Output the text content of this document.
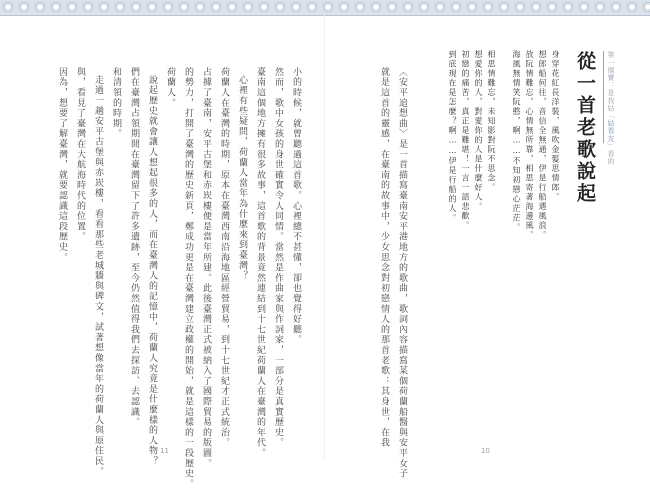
第一個寶：是我姑「姑看友」看的
從一首老歌說起
身穿花紅長洋裝，風吹金髮思情郎。
想郎船何往，音信全無通，伊是行船遇風浪。
放阮情難忘，心情無所靠，相思寄著海邊風。
海風無情笑阮憨，啊……不知初戀心茫茫。
相思情難忘，未知影對阮不思念。
想愛你的人，對愛你的人是什麼好人。
初戀的痛苦，真正是難堪！一言一語悲歡。
到底現在是怎麼？啊……伊是行船的人。
〈安平追想曲〉是一首描寫臺南安平港地方的歌曲，歌詞內容描寫某個荷蘭船醫與安平女子
就是這首的靈感，在臺南的故事中，少女思念對初戀情人的那首老歌：其身世，在我
10
小的時候，就曾聽過這首歌。心裡總不甚懂，卻也覺得好聽。
然而，歌中女孩的身世確實令人同情。當然是作曲家與作詞家，一部分是真實歷史。
臺南這個地方擁有很多故事，這首歌的背景竟然連結到十七世紀荷蘭人在臺灣的年代。
心裡有些疑問，荷蘭人當年為什麼來到臺灣？
荷蘭人在臺灣的時期，原本在臺灣西南沿海地區經營貿易，到十七世紀才正式統治。
占據了臺南，安平古堡和赤崁樓便是當年所建。此後臺灣正式被納入了國際貿易的版圖。
的勢力，打開了臺灣的歷史新頁，鄭成功更是在臺灣建立政權的開始，就是這樣的一段歷史。
荷蘭人。
說起歷史就會讓人想起很多的人，而在臺灣人的記憶中，荷蘭人究竟是什麼樣的人物？
們在臺灣占領期間在臺灣留下了許多遺跡，至今仍然值得我們去探訪、去認識。
和清領的時期。
走過一趟安平古堡與赤崁樓，看看那些老城牆與碑文，試著想像當年的荷蘭人與原住民。
與，看見了臺灣在大航海時代的位置。
因為，想要了解臺灣，就要認識這段歷史。
11
